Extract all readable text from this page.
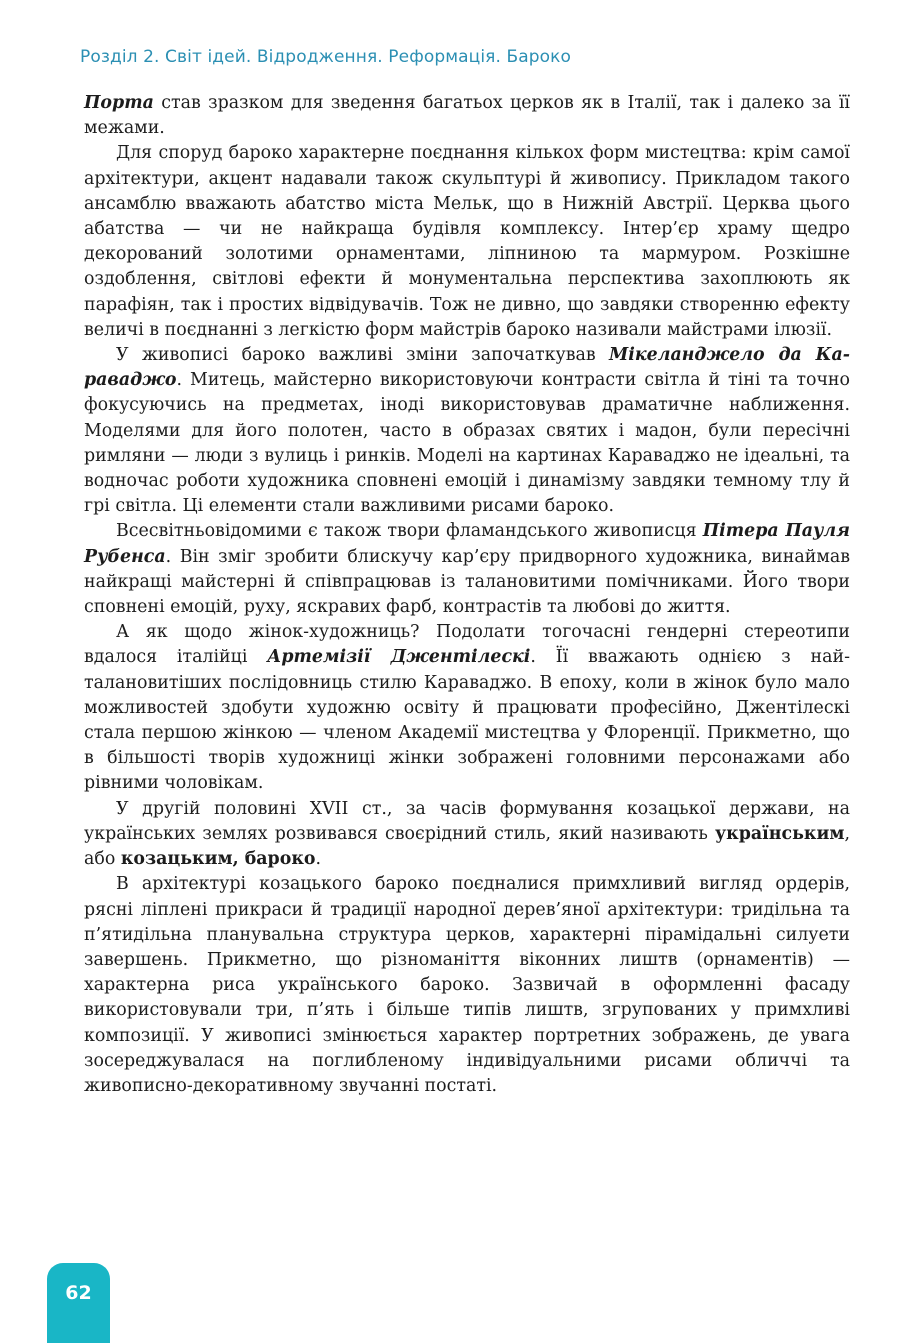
Розділ 2. Світ ідей. Відродження. Реформація. Бароко

Порта став зразком для зведення багатьох церков як в Італії, так і далеко за її межами.

Для споруд бароко характерне поєднання кількох форм мистецтва: крім самої архітектури, акцент надавали також скульптурі й живопису. Прикладом такого ансамблю вважають абатство міста Мельк, що в Нижній Австрії. Церква цього абатства — чи не найкраща будівля комплексу. Інтер’єр храму щедро декорований золотими орнаментами, ліпниною та мармуром. Розкішне оздоблення, світлові ефекти й монументальна перспектива захоплюють як парафіян, так і простих відвідувачів. Тож не дивно, що завдяки створенню ефекту величі в поєднанні з легкістю форм майстрів бароко називали майстрами ілюзії.

У живописі бароко важливі зміни започаткував Мікеланджело да Караваджо. Митець, майстерно використовуючи контрасти світла й тіні та точно фокусуючись на предметах, іноді використовував драматичне наближення. Моделями для його полотен, часто в образах святих і мадон, були пересічні римляни — люди з вулиць і ринків. Моделі на картинах Караваджо не ідеальні, та водночас роботи художника сповнені емоцій і динамізму завдяки темному тлу й грі світла. Ці елементи стали важливими рисами бароко.

Всесвітньовідомими є також твори фламандського живописця Пітера Пауля Рубенса. Він зміг зробити блискучу кар’єру придворного художника, винаймав найкращі майстерні й співпрацював із талановитими помічниками. Його твори сповнені емоцій, руху, яскравих фарб, контрастів та любові до життя.

А як щодо жінок-художниць? Подолати тогочасні гендерні стереотипи вдалося італійці Артемізії Джентілескі. Її вважають однією з найталановитіших послідовниць стилю Караваджо. В епоху, коли в жінок було мало можливостей здобути художню освіту й працювати професійно, Джентілескі стала першою жінкою — членом Академії мистецтва у Флоренції. Прикметно, що в більшості творів художниці жінки зображені головними персонажами або рівними чоловікам.

У другій половині XVII ст., за часів формування козацької держави, на українських землях розвивався своєрідний стиль, який називають українським, або козацьким, бароко.

В архітектурі козацького бароко поєдналися примхливий вигляд ордерів, рясні ліплені прикраси й традиції народної дерев’яної архітектури: тридільна та п’ятидільна планувальна структура церков, характерні пірамідальні силуети завершень. Прикметно, що різноманіття віконних лиштв (орнаментів) — характерна риса українського бароко. Зазвичай в оформленні фасаду використовували три, п’ять і більше типів лиштв, згрупованих у примхливі композиції. У живописі змінюється характер портретних зображень, де увага зосереджувалася на поглибленому індивідуальними рисами обличчі та живописно-декоративному звучанні постаті.

62
